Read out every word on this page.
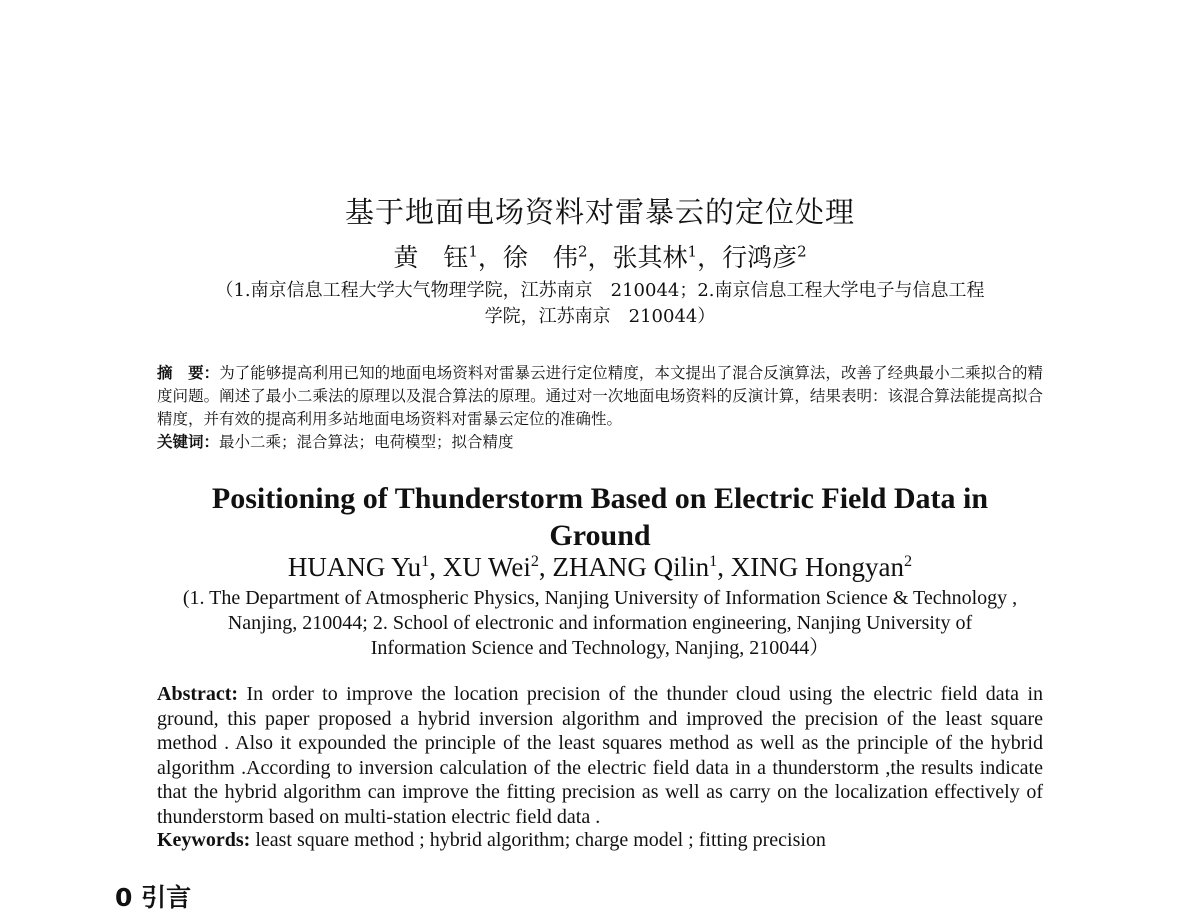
基于地面电场资料对雷暴云的定位处理
黄　钰$^1$，徐　伟$^2$，张其林$^1$，行鸿彦$^2$
（1.南京信息工程大学大气物理学院，江苏南京　210044；2.南京信息工程大学电子与信息工程
学院，江苏南京　210044）
摘　要：为了能够提高利用已知的地面电场资料对雷暴云进行定位精度，本文提出了混合反演算法，改善了经典最小二乘拟合的精度问题。阐述了最小二乘法的原理以及混合算法的原理。通过对一次地面电场资料的反演计算，结果表明：该混合算法能提高拟合精度，并有效的提高利用多站地面电场资料对雷暴云定位的准确性。
关键词：最小二乘；混合算法；电荷模型；拟合精度
Positioning of Thunderstorm Based on Electric Field Data in
Ground
HUANG Yu$^1$, XU Wei$^2$, ZHANG Qilin$^1$, XING Hongyan$^2$
(1. The Department of Atmospheric Physics, Nanjing University of Information Science & Technology ,
Nanjing, 210044; 2. School of electronic and information engineering, Nanjing University of
Information Science and Technology, Nanjing, 210044）
Abstract: In order to improve the location precision of the thunder cloud using the electric field data in ground, this paper proposed a hybrid inversion algorithm and improved the precision of the least square method . Also it expounded the principle of the least squares method as well as the principle of the hybrid algorithm .According to inversion calculation of the electric field data in a thunderstorm ,the results indicate that the hybrid algorithm can improve the fitting precision as well as carry on the localization effectively of thunderstorm based on multi-station electric field data .
Keywords: least square method ; hybrid algorithm; charge model ; fitting precision
0 引言
